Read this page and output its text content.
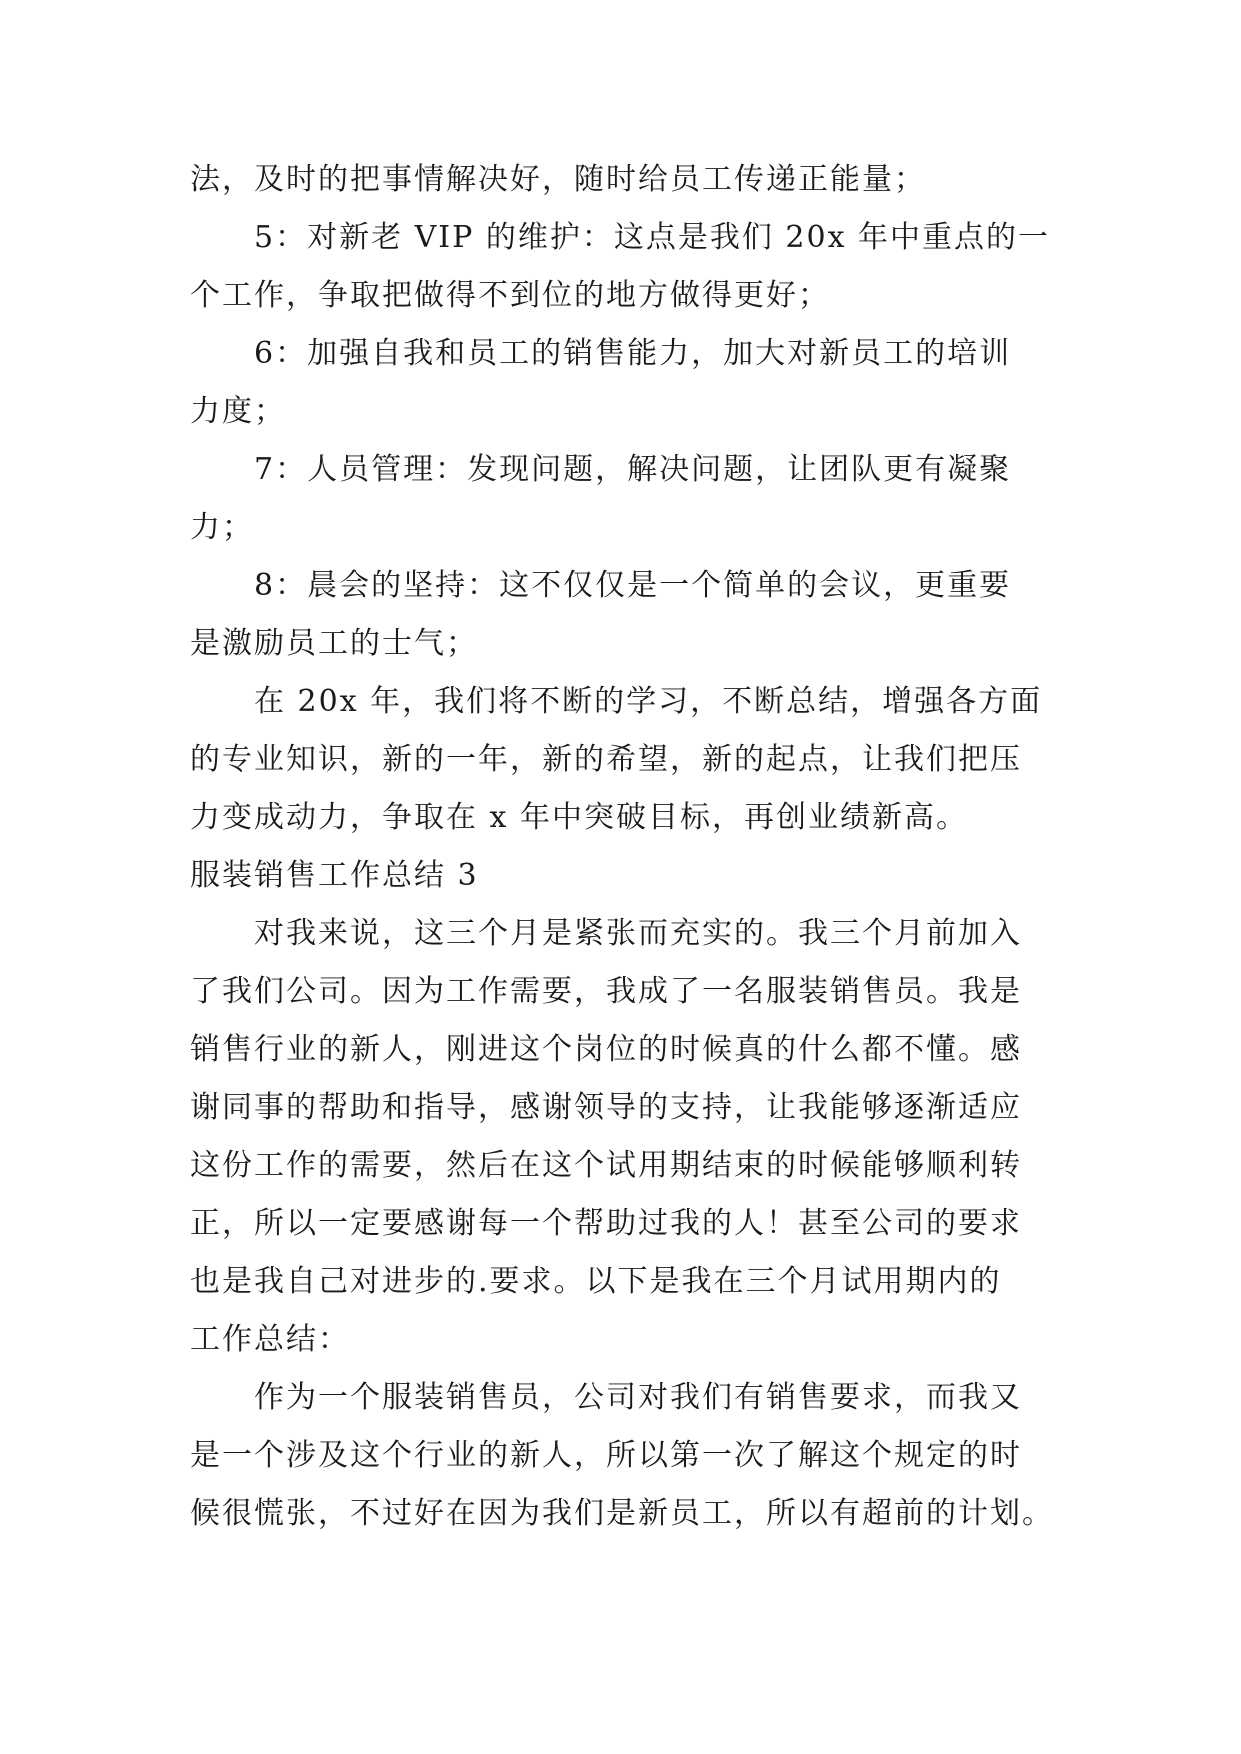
法，及时的把事情解决好，随时给员工传递正能量；
5：对新老 VIP 的维护：这点是我们 20x 年中重点的一
个工作，争取把做得不到位的地方做得更好；
6：加强自我和员工的销售能力，加大对新员工的培训
力度；
7：人员管理：发现问题，解决问题，让团队更有凝聚
力；
8：晨会的坚持：这不仅仅是一个简单的会议，更重要
是激励员工的士气；
在 20x 年，我们将不断的学习，不断总结，增强各方面
的专业知识，新的一年，新的希望，新的起点，让我们把压
力变成动力，争取在 x 年中突破目标，再创业绩新高。
服装销售工作总结 3
对我来说，这三个月是紧张而充实的。我三个月前加入
了我们公司。因为工作需要，我成了一名服装销售员。我是
销售行业的新人，刚进这个岗位的时候真的什么都不懂。感
谢同事的帮助和指导，感谢领导的支持，让我能够逐渐适应
这份工作的需要，然后在这个试用期结束的时候能够顺利转
正，所以一定要感谢每一个帮助过我的人！甚至公司的要求
也是我自己对进步的.要求。以下是我在三个月试用期内的
工作总结：
作为一个服装销售员，公司对我们有销售要求，而我又
是一个涉及这个行业的新人，所以第一次了解这个规定的时
候很慌张，不过好在因为我们是新员工，所以有超前的计划。
